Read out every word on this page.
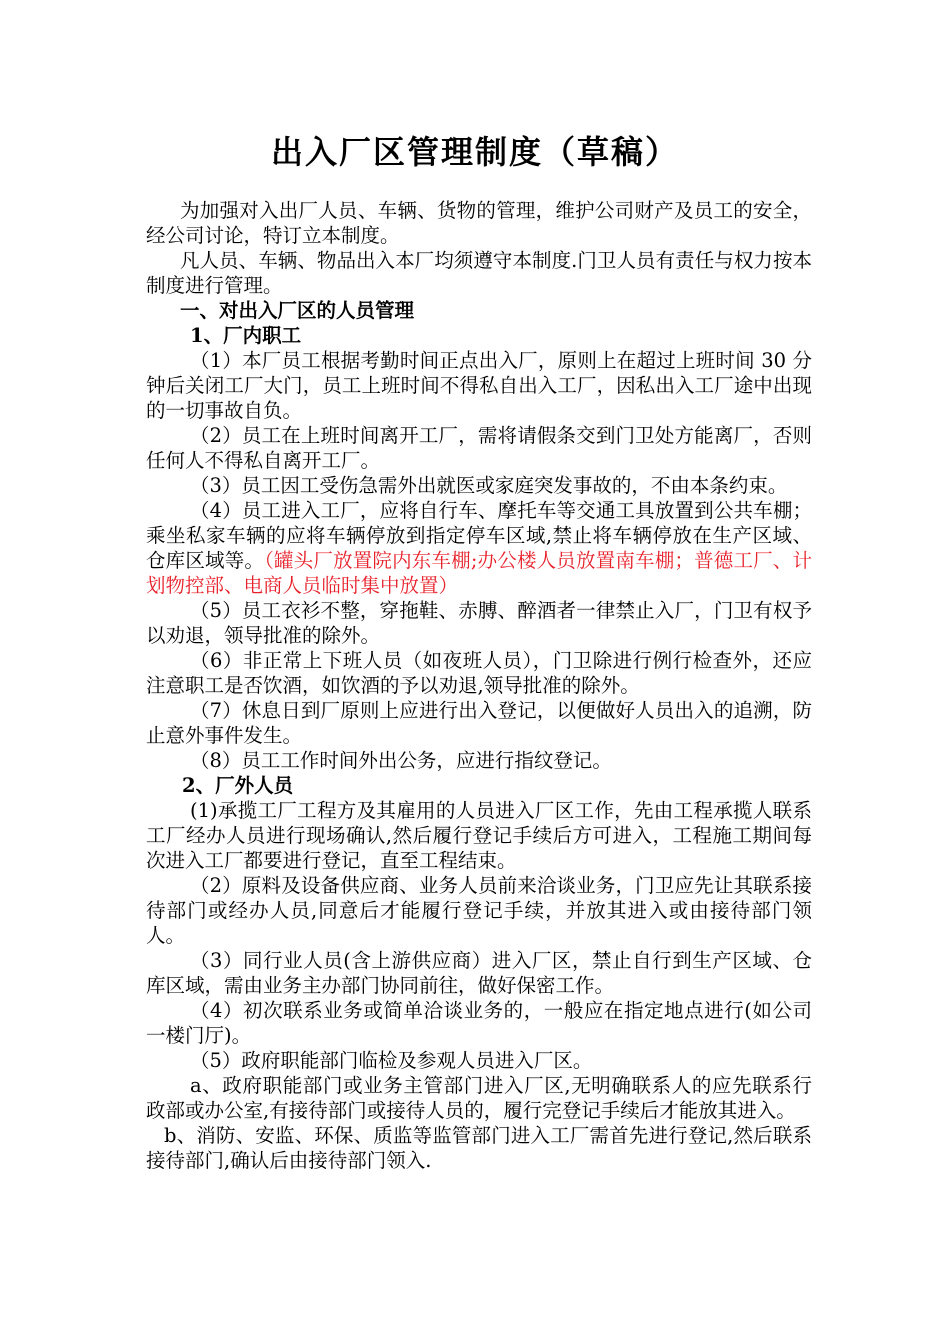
出入厂区管理制度（草稿）

为加强对入出厂人员、车辆、货物的管理，维护公司财产及员工的安全，经公司讨论，特订立本制度。

凡人员、车辆、物品出入本厂均须遵守本制度.门卫人员有责任与权力按本制度进行管理。

一、对出入厂区的人员管理

1、厂内职工

（1）本厂员工根据考勤时间正点出入厂，原则上在超过上班时间 30 分钟后关闭工厂大门，员工上班时间不得私自出入工厂，因私出入工厂途中出现的一切事故自负。

（2）员工在上班时间离开工厂，需将请假条交到门卫处方能离厂，否则任何人不得私自离开工厂。

（3）员工因工受伤急需外出就医或家庭突发事故的，不由本条约束。

（4）员工进入工厂，应将自行车、摩托车等交通工具放置到公共车棚；乘坐私家车辆的应将车辆停放到指定停车区域,禁止将车辆停放在生产区域、仓库区域等。（罐头厂放置院内东车棚;办公楼人员放置南车棚；普德工厂、计划物控部、电商人员临时集中放置）

（5）员工衣衫不整，穿拖鞋、赤膊、醉酒者一律禁止入厂，门卫有权予以劝退，领导批准的除外。

（6）非正常上下班人员（如夜班人员），门卫除进行例行检查外，还应注意职工是否饮酒，如饮酒的予以劝退,领导批准的除外。

（7）休息日到厂原则上应进行出入登记，以便做好人员出入的追溯，防止意外事件发生。

（8）员工工作时间外出公务，应进行指纹登记。

2、厂外人员

(1)承揽工厂工程方及其雇用的人员进入厂区工作，先由工程承揽人联系工厂经办人员进行现场确认,然后履行登记手续后方可进入，工程施工期间每次进入工厂都要进行登记，直至工程结束。

（2）原料及设备供应商、业务人员前来洽谈业务，门卫应先让其联系接待部门或经办人员,同意后才能履行登记手续，并放其进入或由接待部门领人。

（3）同行业人员(含上游供应商）进入厂区，禁止自行到生产区域、仓库区域，需由业务主办部门协同前往，做好保密工作。

（4）初次联系业务或简单洽谈业务的，一般应在指定地点进行(如公司一楼门厅)。

（5）政府职能部门临检及参观人员进入厂区。

a、政府职能部门或业务主管部门进入厂区,无明确联系人的应先联系行政部或办公室,有接待部门或接待人员的，履行完登记手续后才能放其进入。

b、消防、安监、环保、质监等监管部门进入工厂需首先进行登记,然后联系接待部门,确认后由接待部门领入.
